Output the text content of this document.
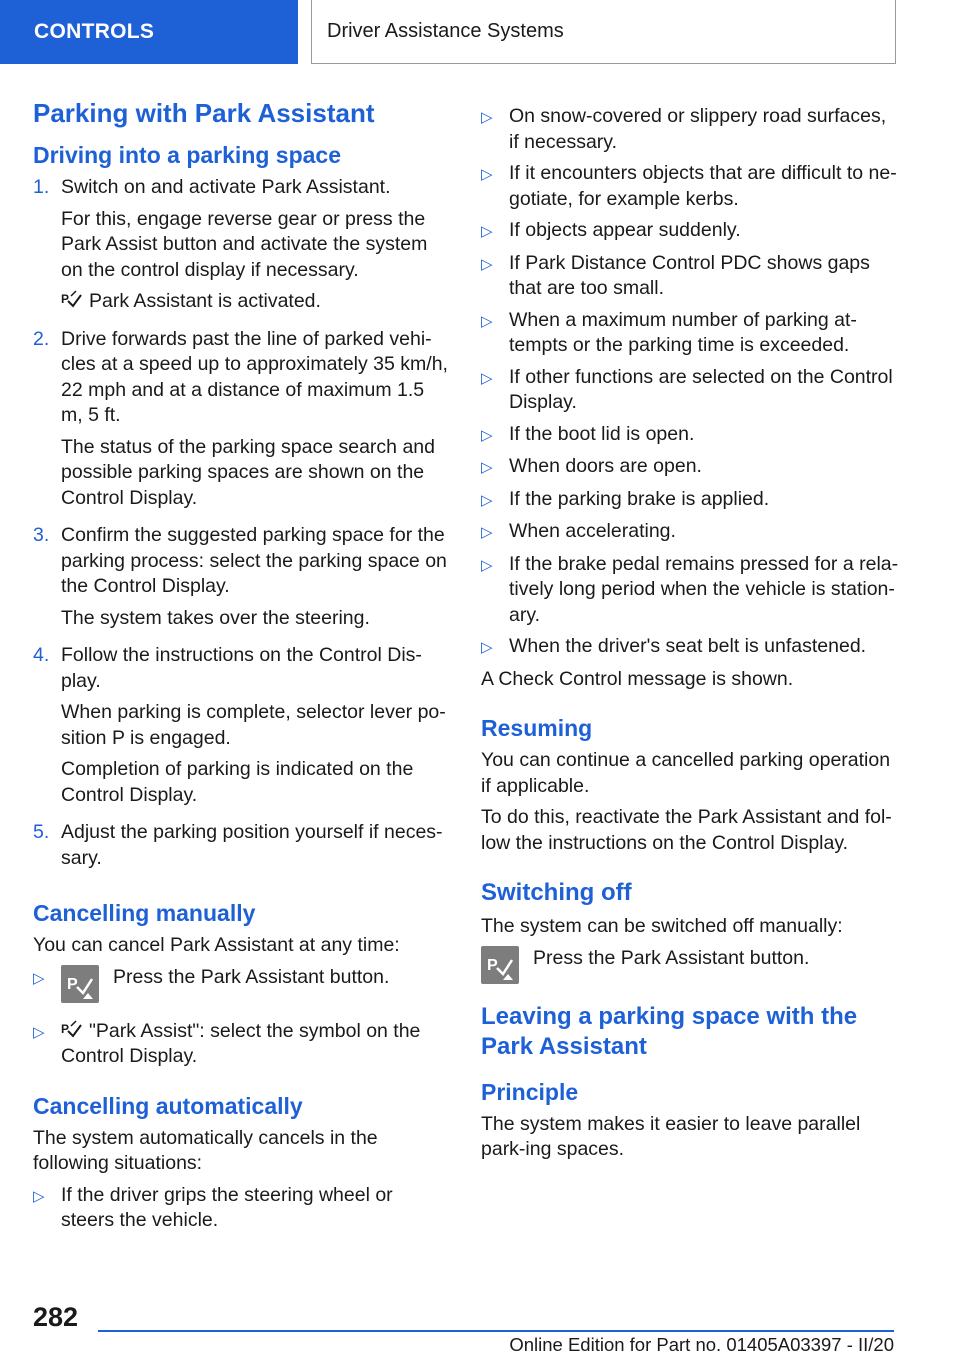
CONTROLS	Driver Assistance Systems
Parking with Park Assistant
Driving into a parking space
1. Switch on and activate Park Assistant.

For this, engage reverse gear or press the Park Assist button and activate the system on the control display if necessary.

P Park Assistant is activated.

2. Drive forwards past the line of parked vehi‐cles at a speed up to approximately 35 km/h, 22 mph and at a distance of maximum 1.5 m, 5 ft.

The status of the parking space search and possible parking spaces are shown on the Control Display.

3. Confirm the suggested parking space for the parking process: select the parking space on the Control Display.

The system takes over the steering.

4. Follow the instructions on the Control Dis‐play.

When parking is complete, selector lever po‐sition P is engaged.

Completion of parking is indicated on the Control Display.

5. Adjust the parking position yourself if neces‐sary.

Cancelling manually

You can cancel Park Assistant at any time:

▷	P Press the Park Assistant button.
▷	P "Park Assist": select the symbol on the Control Display.
Cancelling automatically

The system automatically cancels in the following situations:

▷ If the driver grips the steering wheel or steers the vehicle.
▷ On snow-covered or slippery road surfaces, if necessary.
▷ If it encounters objects that are difficult to ne‐gotiate, for example kerbs.
▷ If objects appear suddenly.
▷ If Park Distance Control PDC shows gaps that are too small.
▷ When a maximum number of parking at‐tempts or the parking time is exceeded.
▷ If other functions are selected on the Control Display.
▷ If the boot lid is open.
▷ When doors are open.
▷ If the parking brake is applied.
▷ When accelerating.
▷ If the brake pedal remains pressed for a rela‐tively long period when the vehicle is station‐ary.
▷ When the driver's seat belt is unfastened.

A Check Control message is shown.

Resuming

You can continue a cancelled parking operation if applicable.

To do this, reactivate the Park Assistant and fol‐low the instructions on the Control Display.

Switching off

The system can be switched off manually:

P Press the Park Assistant button.
Leaving a parking space with the Park Assistant
Principle

The system makes it easier to leave parallel park‐ing spaces.

282
Online Edition for Part no. 01405A03397 - II/20
